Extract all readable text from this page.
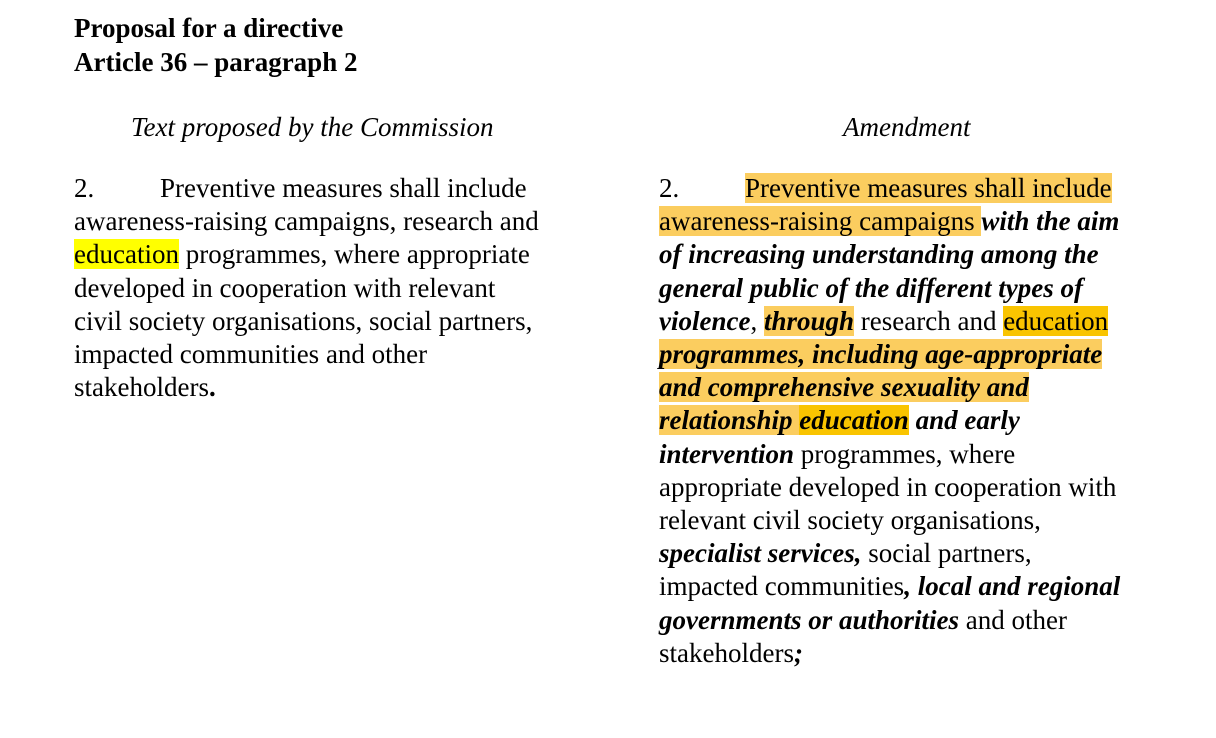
Proposal for a directive
Article 36 – paragraph 2
Text proposed by the Commission	Amendment
2. Preventive measures shall include
awareness-raising campaigns, research and
education programmes, where appropriate
developed in cooperation with relevant
civil society organisations, social partners,
impacted communities and other
stakeholders.
2. Preventive measures shall include
awareness-raising campaigns with the aim
of increasing understanding among the
general public of the different types of
violence, through research and education
programmes, including age-appropriate
and comprehensive sexuality and
relationship education and early
intervention programmes, where
appropriate developed in cooperation with
relevant civil society organisations,
specialist services, social partners,
impacted communities, local and regional
governments or authorities and other
stakeholders;
